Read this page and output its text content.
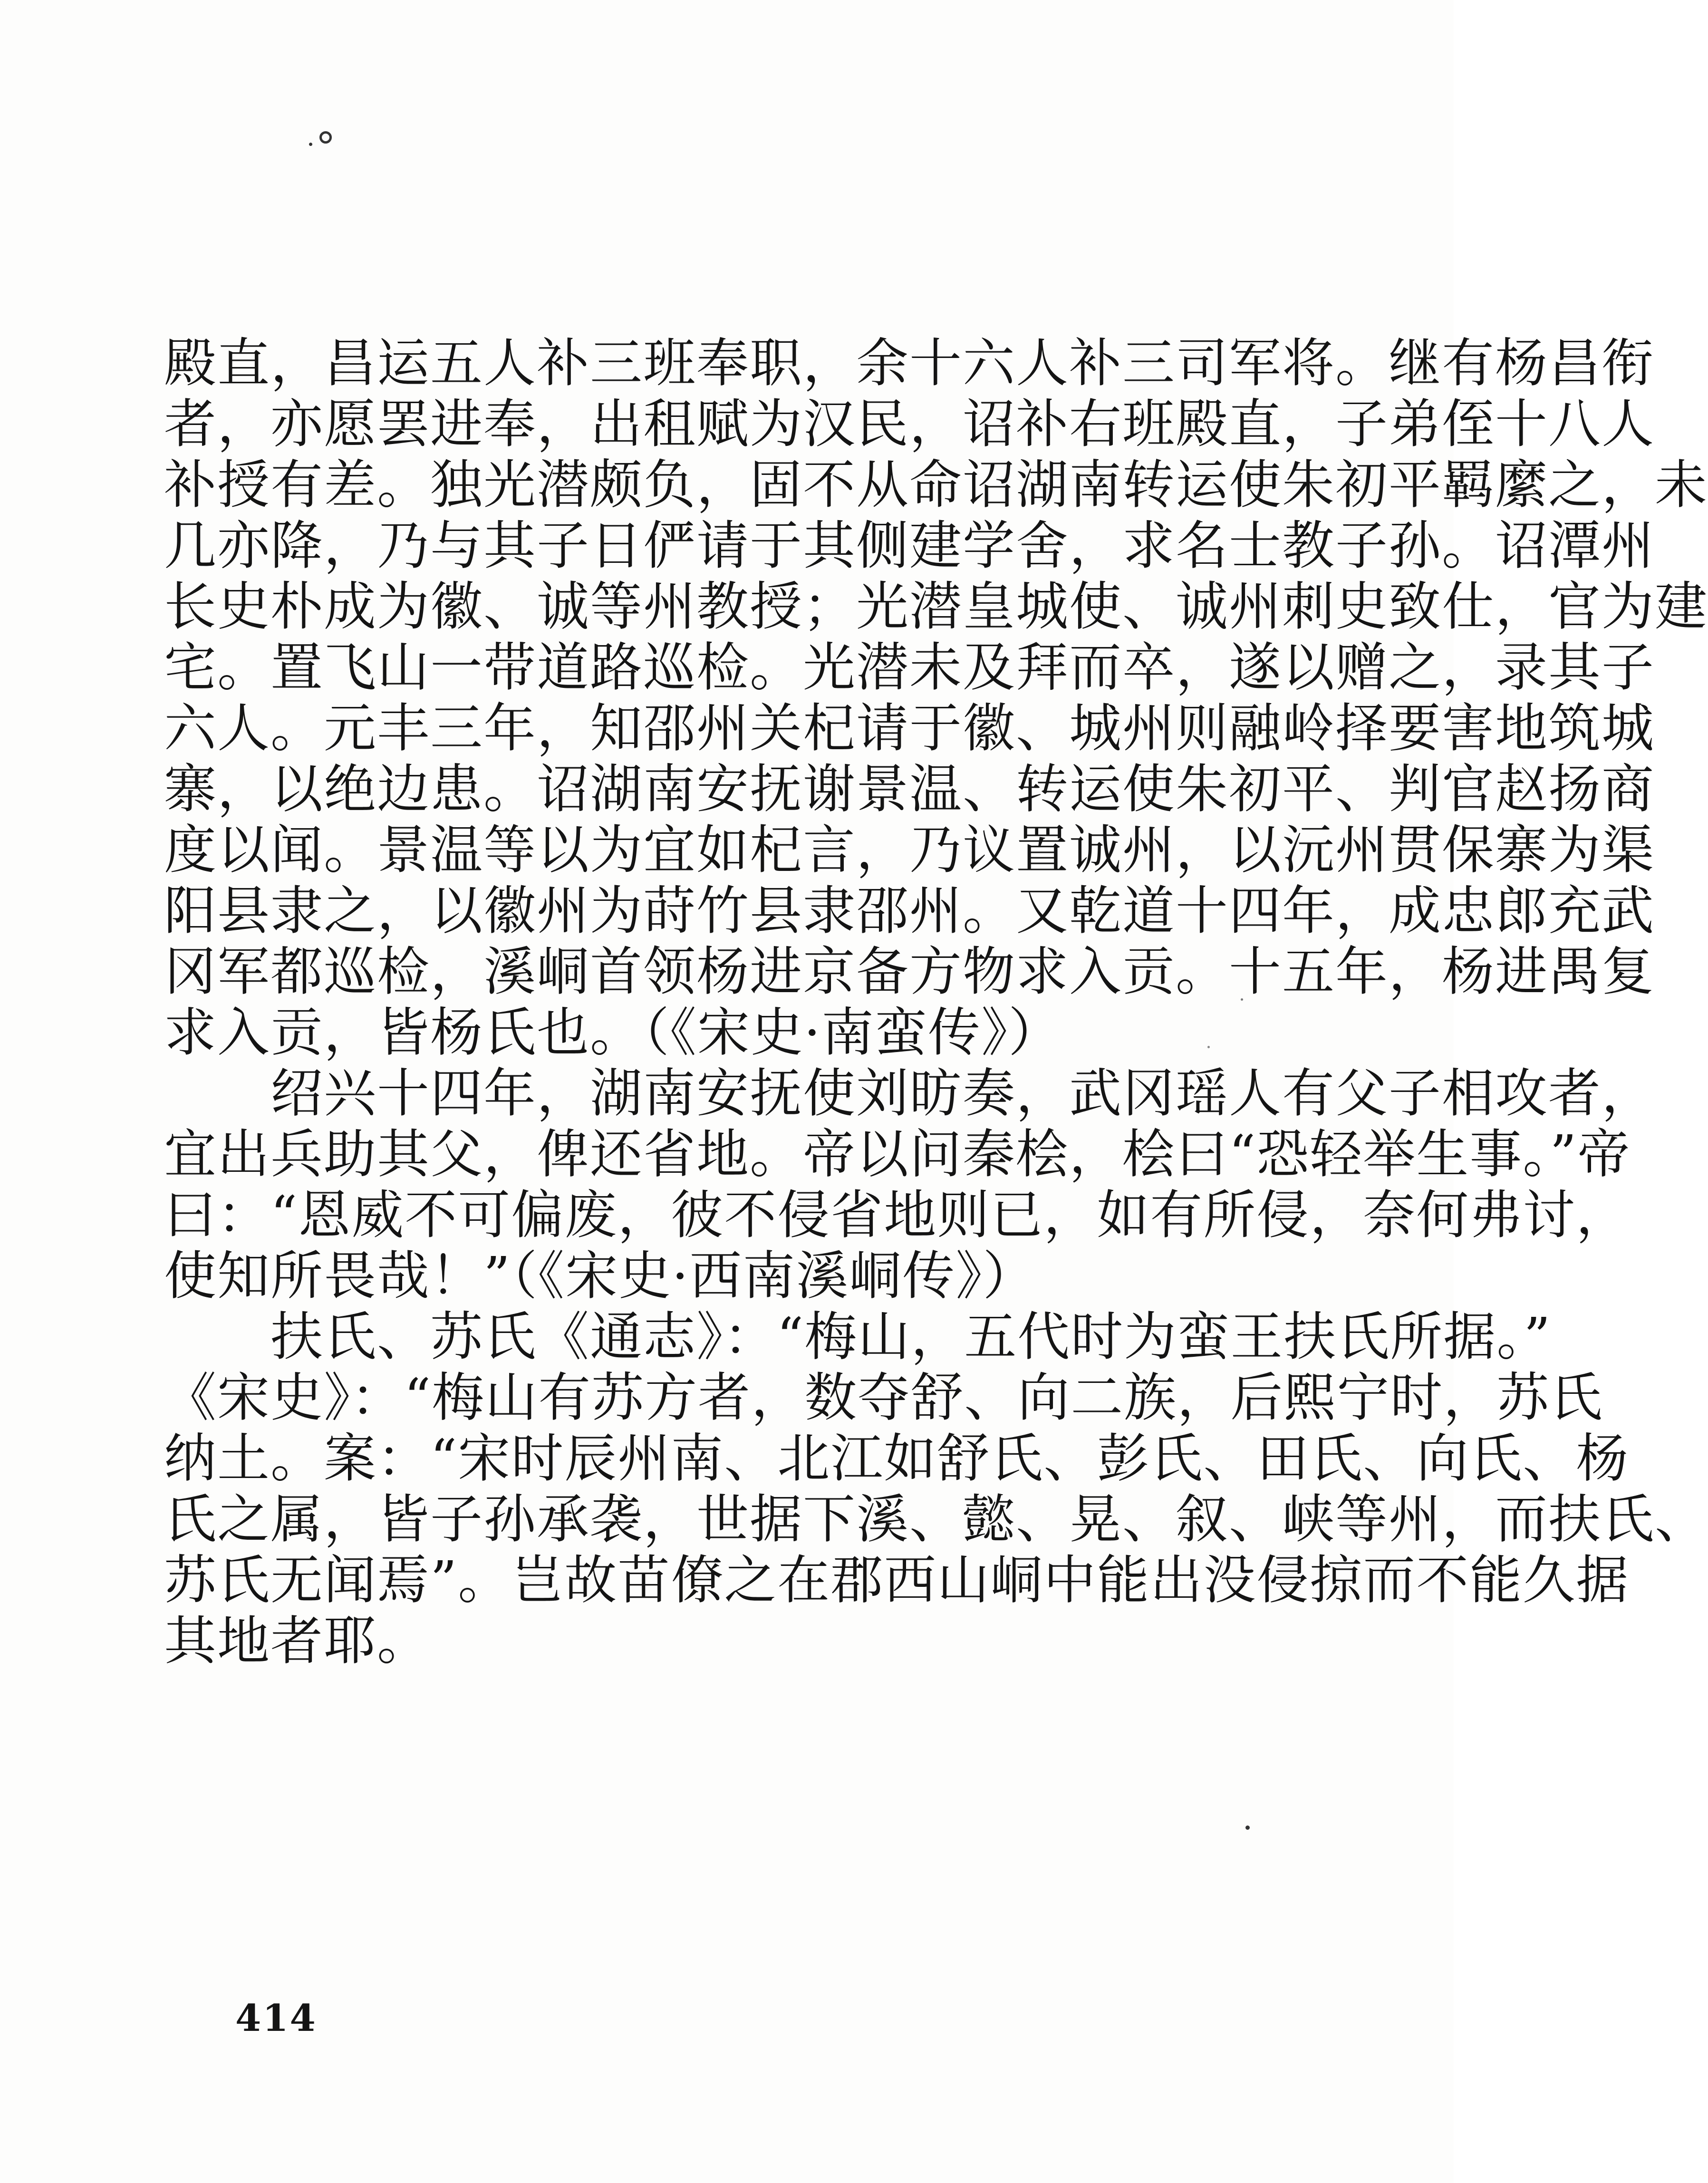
殿直，昌运五人补三班奉职，余十六人补三司军将。继有杨昌衔
者，亦愿罢进奉，出租赋为汉民，诏补右班殿直，子弟侄十八人
补授有差。独光潜颇负，固不从命诏湖南转运使朱初平羁縻之，未
几亦降，乃与其子日俨请于其侧建学舍，求名士教子孙。诏潭州
长史朴成为徽、诚等州教授；光潜皇城使、诚州刺史致仕，官为建
宅。置飞山一带道路巡检。光潜未及拜而卒，遂以赠之，录其子
六人。元丰三年，知邵州关杞请于徽、城州则融岭择要害地筑城
寨，以绝边患。诏湖南安抚谢景温、转运使朱初平、判官赵扬商
度以闻。景温等以为宜如杞言，乃议置诚州，以沅州贯保寨为渠
阳县隶之，以徽州为莳竹县隶邵州。又乾道十四年，成忠郎充武
冈军都巡检，溪峒首领杨进京备方物求入贡。十五年，杨进禺复
求入贡，皆杨氏也。（《宋史·南蛮传》）
绍兴十四年，湖南安抚使刘昉奏，武冈瑶人有父子相攻者，
宜出兵助其父，俾还省地。帝以问秦桧，桧曰“恐轻举生事。”帝
曰：“恩威不可偏废，彼不侵省地则已，如有所侵，奈何弗讨，
使知所畏哉！”（《宋史·西南溪峒传》）
扶氏、苏氏《通志》：“梅山，五代时为蛮王扶氏所据。”
《宋史》：“梅山有苏方者，数夺舒、向二族，后熙宁时，苏氏
纳土。案：“宋时辰州南、北江如舒氏、彭氏、田氏、向氏、杨
氏之属，皆子孙承袭，世据下溪、懿、晃、叙、峡等州，而扶氏、
苏氏无闻焉”。岂故苗僚之在郡西山峒中能出没侵掠而不能久据
其地者耶。
414
